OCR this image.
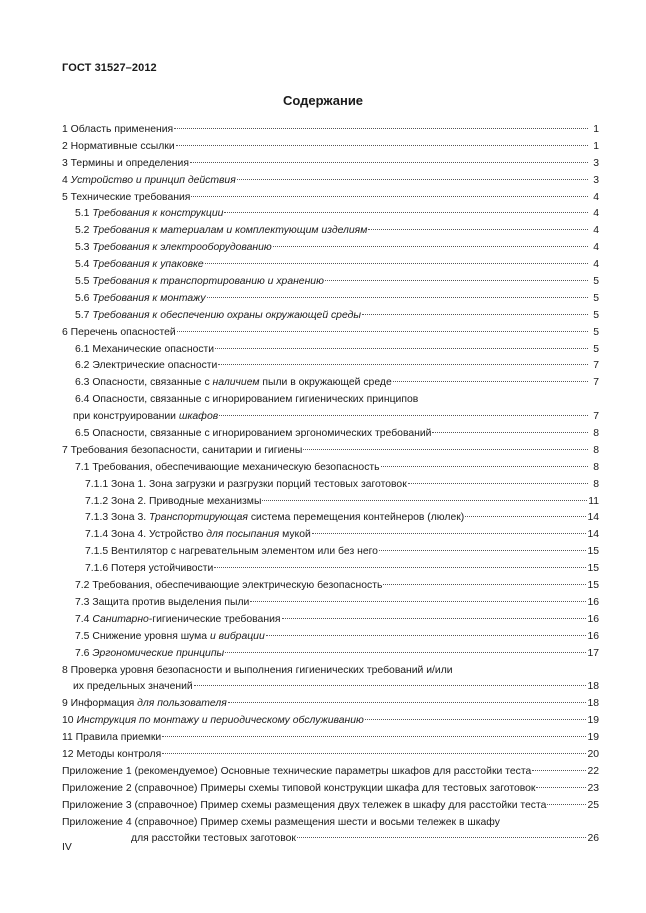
ГОСТ 31527–2012
Содержание
1 Область применения	1
2 Нормативные ссылки	1
3 Термины и определения	3
4 Устройство и принцип действия	3
5 Технические требования	4
5.1 Требования к конструкции	4
5.2 Требования к материалам и комплектующим изделиям	4
5.3 Требования к электрооборудованию	4
5.4 Требования к упаковке	4
5.5 Требования к транспортированию и хранению	5
5.6 Требования к монтажу	5
5.7 Требования к обеспечению охраны окружающей среды	5
6 Перечень опасностей	5
6.1 Механические опасности	5
6.2 Электрические опасности	7
6.3 Опасности, связанные с наличием пыли в окружающей среде	7
6.4 Опасности, связанные с игнорированием гигиенических принципов
при конструировании шкафов	7
6.5 Опасности, связанные с игнорированием эргономических требований	8
7 Требования безопасности, санитарии и гигиены	8
7.1 Требования, обеспечивающие механическую безопасность	8
7.1.1 Зона 1. Зона загрузки и разгрузки порций тестовых заготовок	8
7.1.2 Зона 2. Приводные механизмы	11
7.1.3 Зона 3. Транспортирующая система перемещения контейнеров (люлек)	14
7.1.4 Зона 4. Устройство для посыпания мукой	14
7.1.5 Вентилятор с нагревательным элементом или без него	15
7.1.6 Потеря устойчивости	15
7.2 Требования, обеспечивающие электрическую безопасность	15
7.3 Защита против выделения пыли	16
7.4 Санитарно-гигиенические требования	16
7.5 Снижение уровня шума и вибрации	16
7.6 Эргономические принципы	17
8 Проверка уровня безопасности и выполнения гигиенических требований и/или
их предельных значений	18
9 Информация для пользователя	18
10 Инструкция по монтажу и периодическому обслуживанию	19
11 Правила приемки	19
12 Методы контроля	20
Приложение 1 (рекомендуемое) Основные технические параметры шкафов для расстойки теста	22
Приложение 2 (справочное) Примеры схемы типовой конструкции шкафа для тестовых заготовок	23
Приложение 3 (справочное) Пример схемы размещения двух тележек в шкафу для расстойки теста	25
Приложение 4 (справочное) Пример схемы размещения шести и восьми тележек в шкафу
для расстойки тестовых заготовок	26
IV
